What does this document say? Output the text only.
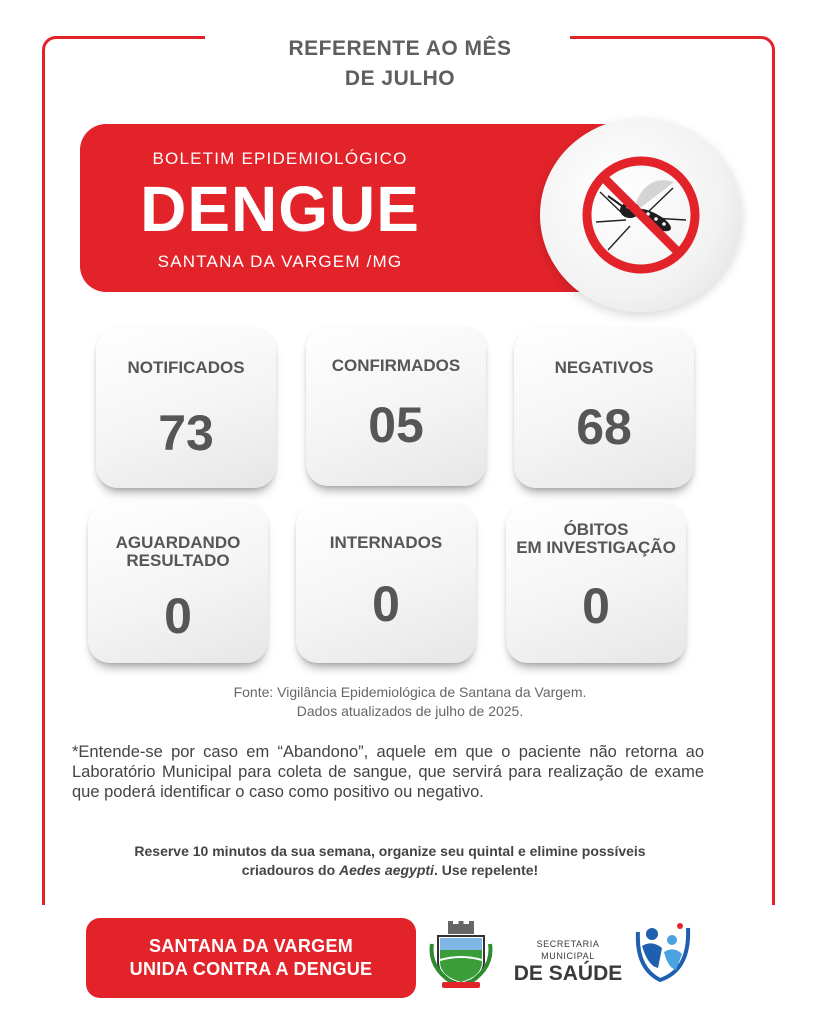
REFERENTE AO MÊS
DE JULHO
BOLETIM EPIDEMIOLÓGICO
DENGUE
SANTANA DA VARGEM /MG
NOTIFICADOS
73
CONFIRMADOS
05
NEGATIVOS
68
AGUARDANDO
RESULTADO
0
INTERNADOS
0
ÓBITOS
EM INVESTIGAÇÃO
0
Fonte: Vigilância Epidemiológica de Santana da Vargem.
Dados atualizados de julho de 2025.
*Entende-se por caso em “Abandono”, aquele em que o paciente não retorna ao Laboratório Municipal para coleta de sangue, que servirá para realização de exame que poderá identificar o caso como positivo ou negativo.
Reserve 10 minutos da sua semana, organize seu quintal e elimine possíveis
criadouros do Aedes aegypti. Use repelente!
SANTANA DA VARGEM
UNIDA CONTRA A DENGUE
SECRETARIA MUNICIPAL
DE SAÚDE
